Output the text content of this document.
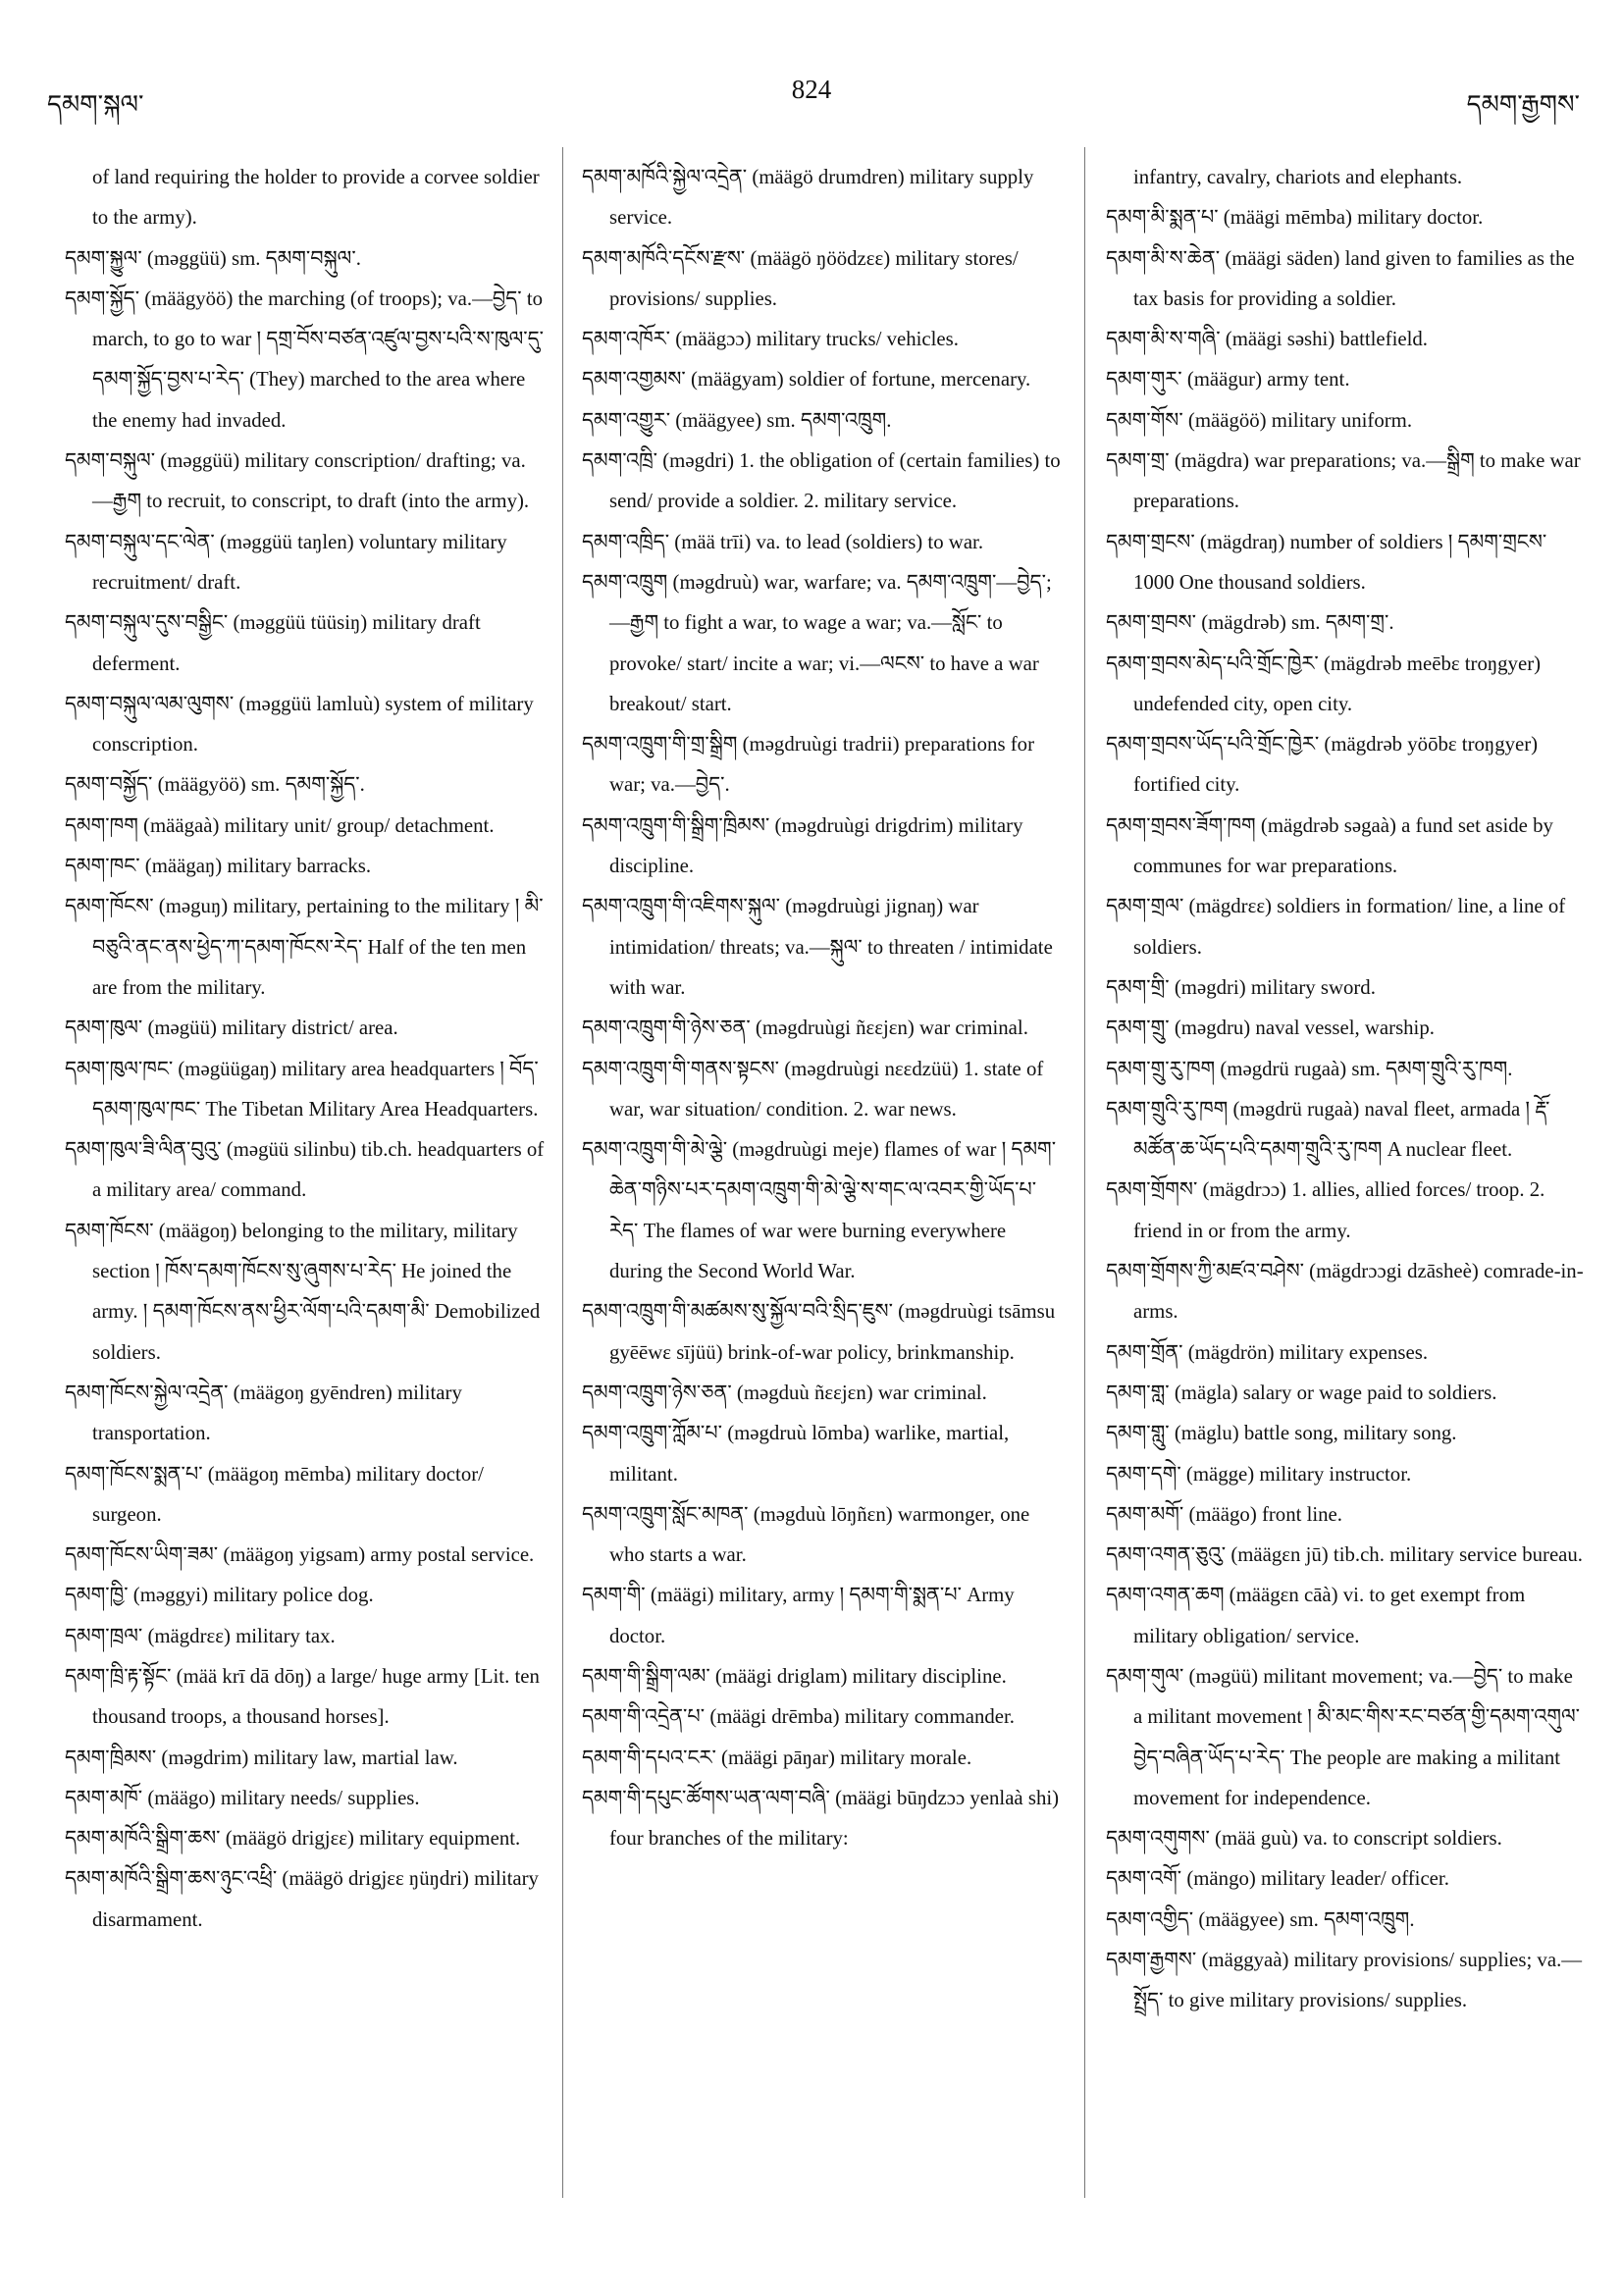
དམག་སྐལ་
824
དམག་རྒྱགས་

of land requiring the holder to provide a corvee soldier to the army).

དམག་སྐྱུལ་ (mǝggüü) sm. དམག་བསྐུལ་.

དམག་སྐྱོད་ (määgyöö) the marching (of troops); va.—བྱེད་ to march, to go to war ། དགྲ་བོས་བཙན་འཛུལ་བྱས་པའི་ས་ཁུལ་དུ་དམག་སྐྱོད་བྱས་པ་རེད་ (They) marched to the area where the enemy had invaded.

དམག་བསྐུལ་ (mǝggüü) military conscription/ drafting; va.—རྒྱག to recruit, to conscript, to draft (into the army).

དམག་བསྐུལ་དང་ལེན་ (mǝggüü taŋlen) voluntary military recruitment/ draft.

དམག་བསྐུལ་དུས་བསྒྱིང་ (mǝggüü tüüsiŋ) military draft deferment.

དམག་བསྐུལ་ལམ་ལུགས་ (mǝggüü lamluù) system of military conscription.

དམག་བསྐྱོད་ (määgyöö) sm. དམག་སྐྱོད་.

དམག་ཁག (määgaà) military unit/ group/ detachment.

དམག་ཁང་ (määgaŋ) military barracks.

དམག་ཁོངས་ (mǝguŋ) military, pertaining to the military ། མི་བཅུའི་ནང་ནས་ཕྱེད་ཀ་དམག་ཁོངས་རེད་ Half of the ten men are from the military.

དམག་ཁུལ་ (mǝgüü) military district/ area.

དམག་ཁུལ་ཁང་ (mǝgüügaŋ) military area headquarters ། བོད་དམག་ཁུལ་ཁང་ The Tibetan Military Area Headquarters.

དམག་ཁུལ་ཟི་ལིན་བུའུ་ (mǝgüü silinbu) tib.ch. headquarters of a military area/ command.

དམག་ཁོངས་ (määgoŋ) belonging to the military, military section ། ཁོས་དམག་ཁོངས་སུ་ཞུགས་པ་རེད་ He joined the army. ། དམག་ཁོངས་ནས་ཕྱིར་ལོག་པའི་དམག་མི་ Demobilized soldiers.

དམག་ཁོངས་སྐྱེལ་འདྲེན་ (määgoŋ gyēndren) military transportation.

དམག་ཁོངས་སྨན་པ་ (määgoŋ mēmba) military doctor/ surgeon.

དམག་ཁོངས་ཡིག་ཟམ་ (määgoŋ yigsam) army postal service.

དམག་ཁྱི་ (mǝggyi) military police dog.

དམག་ཁྲལ་ (mägdrɛɛ) military tax.

དམག་ཁྲི་རྟ་སྟོང་ (mää krī dā dōŋ) a large/ huge army [Lit. ten thousand troops, a thousand horses].

དམག་ཁྲིམས་ (mǝgdrim) military law, martial law.

དམག་མཁོ་ (määgo) military needs/ supplies.

དམག་མཁོའི་སྒྲིག་ཆས་ (määgö drigjɛɛ) military equipment.

དམག་མཁོའི་སྒྲིག་ཆས་ཉུང་འཕྲི་ (määgö drigjɛɛ ŋüŋdri) military disarmament.

དམག་མཁོའི་སྐྱེལ་འདྲེན་ (määgö drumdren) military supply service.

དམག་མཁོའི་དངོས་རྫས་ (määgö ŋöödzɛɛ) military stores/ provisions/ supplies.

དམག་འཁོར་ (määgɔɔ) military trucks/ vehicles.

དམག་འགྱམས་ (määgyam) soldier of fortune, mercenary.

དམག་འགྱུར་ (määgyee) sm. དམག་འཁྲུག.

དམག་འཁྲི་ (mǝgdri) 1. the obligation of (certain families) to send/ provide a soldier. 2. military service.

དམག་འཁྲིད་ (mää trīi) va. to lead (soldiers) to war.

དམག་འཁྲུག (mǝgdruù) war, warfare; va. དམག་འཁྲུག་—བྱེད་; —རྒྱག to fight a war, to wage a war; va.—སློང་ to provoke/ start/ incite a war; vi.—ལངས་ to have a war breakout/ start.

དམག་འཁྲུག་གི་གྲ་སྒྲིག (mǝgdruùgi tradrii) preparations for war; va.—བྱེད་.

དམག་འཁྲུག་གི་སྒྲིག་ཁྲིམས་ (mǝgdruùgi drigdrim) military discipline.

དམག་འཁྲུག་གི་འཇིགས་སྐུལ་ (mǝgdruùgi jignaŋ) war intimidation/ threats; va.—སྐུལ་ to threaten / intimidate with war.

དམག་འཁྲུག་གི་ཉེས་ཅན་ (mǝgdruùgi ñɛɛjɛn) war criminal.

དམག་འཁྲུག་གི་གནས་སྟངས་ (mǝgdruùgi nɛɛdzüü) 1. state of war, war situation/ condition. 2. war news.

དམག་འཁྲུག་གི་མེ་ལྕེ་ (mǝgdruùgi meje) flames of war ། དམག་ཆེན་གཉིས་པར་དམག་འཁྲུག་གི་མེ་ལྕེ་ས་གང་ལ་འབར་གྱི་ཡོད་པ་རེད་ The flames of war were burning everywhere during the Second World War.

དམག་འཁྲུག་གི་མཚམས་སུ་སྐྱོལ་བའི་སྲིད་ཇུས་ (mǝgdruùgi tsāmsu gyēēwɛ sījüü) brink-of-war policy, brinkmanship.

དམག་འཁྲུག་ཉེས་ཅན་ (mǝgduù ñɛɛjɛn) war criminal.

དམག་འཁྲུག་ཀློམ་པ་ (mǝgdruù lōmba) warlike, martial, militant.

དམག་འཁྲུག་སློང་མཁན་ (mǝgduù lōŋñɛn) warmonger, one who starts a war.

དམག་གི་ (määgi) military, army ། དམག་གི་སྨན་པ་ Army doctor.

དམག་གི་སྒྲིག་ལམ་ (määgi driglam) military discipline.

དམག་གི་འདྲེན་པ་ (määgi drēmba) military commander.

དམག་གི་དཔའ་ངར་ (määgi pāŋar) military morale.

དམག་གི་དཔུང་ཚོགས་ཡན་ལག་བཞི་ (määgi būŋdzɔɔ yenlaà shi) four branches of the military:

infantry, cavalry, chariots and elephants.

དམག་མི་སྨན་པ་ (määgi mēmba) military doctor.

དམག་མི་ས་ཆེན་ (määgi säden) land given to families as the tax basis for providing a soldier.

དམག་མི་ས་གཞི་ (määgi sǝshi) battlefield.

དམག་གུར་ (määgur) army tent.

དམག་གོས་ (määgöö) military uniform.

དམག་གྲ་ (mägdra) war preparations; va.—སྒྲིག to make war preparations.

དམག་གྲངས་ (mägdraŋ) number of soldiers ། དམག་གྲངས་ 1000 One thousand soldiers.

དམག་གྲབས་ (mägdrǝb) sm. དམག་གྲ་.

དམག་གྲབས་མེད་པའི་གྲོང་ཁྱེར་ (mägdrǝb meēbɛ troŋgyer) undefended city, open city.

དམག་གྲབས་ཡོད་པའི་གྲོང་ཁྱེར་ (mägdrǝb yöōbɛ troŋgyer) fortified city.

དམག་གྲབས་ཟོག་ཁག (mägdrǝb sǝgaà) a fund set aside by communes for war preparations.

དམག་གྲལ་ (mägdrɛɛ) soldiers in formation/ line, a line of soldiers.

དམག་གྲི་ (mǝgdri) military sword.

དམག་གྲུ་ (mǝgdru) naval vessel, warship.

དམག་གྲུ་རུ་ཁག (mǝgdrü rugaà) sm. དམག་གྲུའི་རུ་ཁག.

དམག་གྲུའི་རུ་ཁག (mǝgdrü rugaà) naval fleet, armada ། རྡོ་མཚོན་ཆ་ཡོད་པའི་དམག་གྲུའི་རུ་ཁག A nuclear fleet.

དམག་གྲོགས་ (mägdrɔɔ) 1. allies, allied forces/ troop. 2. friend in or from the army.

དམག་གྲོགས་ཀྱི་མཛའ་བཤེས་ (mägdrɔɔgi dzāsheè) comrade-in-arms.

དམག་གྲོན་ (mägdrön) military expenses.

དམག་གླ་ (mägla) salary or wage paid to soldiers.

དམག་གླུ་ (mäglu) battle song, military song.

དམག་དགེ་ (mägge) military instructor.

དམག་མགོ་ (määgo) front line.

དམག་འགན་ཅུའུ་ (määgɛn jū) tib.ch. military service bureau.

དམག་འགན་ཆག (määgɛn cāà) vi. to get exempt from military obligation/ service.

དམག་གུལ་ (mǝgüü) militant movement; va.—བྱེད་ to make a militant movement ། མི་མང་གིས་རང་བཙན་གྱི་དམག་འགུལ་བྱེད་བཞིན་ཡོད་པ་རེད་ The people are making a militant movement for independence.

དམག་འགུགས་ (mää guù) va. to conscript soldiers.

དམག་འགོ་ (mängo) military leader/ officer.

དམག་འགྱིད་ (määgyee) sm. དམག་འཁྲུག.

དམག་རྒྱགས་ (mäggyaà) military provisions/ supplies; va.—སྤྲོད་ to give military provisions/ supplies.
